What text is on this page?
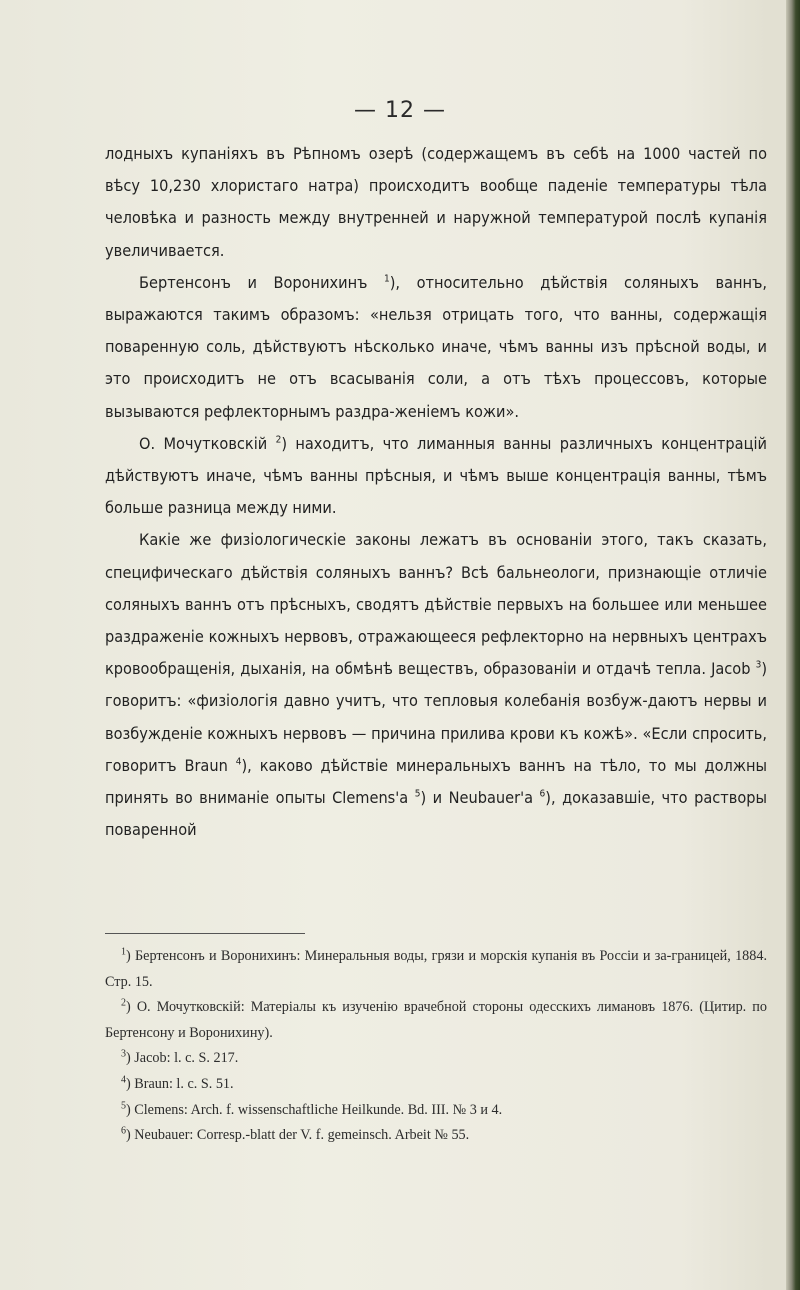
— 12 —

лодныхъ купаніяхъ въ Рѣпномъ озерѣ (содержащемъ въ себѣ на 1000 частей по вѣсу 10,230 хлористаго натра) происходитъ вообще паденіе температуры тѣла человѣка и разность между внутренней и наружной температурой послѣ купанія увеличивается.

Бертенсонъ и Воронихинъ $^1$), относительно дѣйствія соляныхъ ваннъ, выражаются такимъ образомъ: «нельзя отрицать того, что ванны, содержащія поваренную соль, дѣйствуютъ нѣсколько иначе, чѣмъ ванны изъ прѣсной воды, и это происходитъ не отъ всасыванія соли, а отъ тѣхъ процессовъ, которые вызываются рефлекторнымъ раздра-женіемъ кожи».

О. Мочутковскій $^2$) находитъ, что лиманныя ванны различныхъ концентрацій дѣйствуютъ иначе, чѣмъ ванны прѣсныя, и чѣмъ выше концентрація ванны, тѣмъ больше разница между ними.

Какіе же физіологическіе законы лежатъ въ основаніи этого, такъ сказать, специфическаго дѣйствія соляныхъ ваннъ? Всѣ бальнеологи, признающіе отличіе соляныхъ ваннъ отъ прѣсныхъ, сводятъ дѣйствіе первыхъ на большее или меньшее раздраженіе кожныхъ нервовъ, отражающееся рефлекторно на нервныхъ центрахъ кровообращенія, дыханія, на обмѣнѣ веществъ, образованіи и отдачѣ тепла. Jacob $^3$) говоритъ: «физіологія давно учитъ, что тепловыя колебанія возбуж-даютъ нервы и возбужденіе кожныхъ нервовъ — причина прилива крови къ кожѣ». «Если спросить, говоритъ Braun $^4$), каково дѣйствіе минеральныхъ ваннъ на тѣло, то мы должны принять во вниманіе опыты Clemens'а $^5$) и Neubauer'а $^6$), доказавшіе, что растворы поваренной

$^1$) Бертенсонъ и Воронихинъ: Минеральныя воды, грязи и морскія купанія въ Россіи и за-границей, 1884. Стр. 15.

$^2$) О. Мочутковскій: Матеріалы къ изученію врачебной стороны одесскихъ лимановъ 1876. (Цитир. по Бертенсону и Воронихину).

$^3$) Jacob: l. c. S. 217.

$^4$) Braun: l. c. S. 51.

$^5$) Clemens: Arch. f. wissenschaftliche Heilkunde. Bd. III. № 3 и 4.

$^6$) Neubauer: Corresp.-blatt der V. f. gemeinsch. Arbeit № 55.
